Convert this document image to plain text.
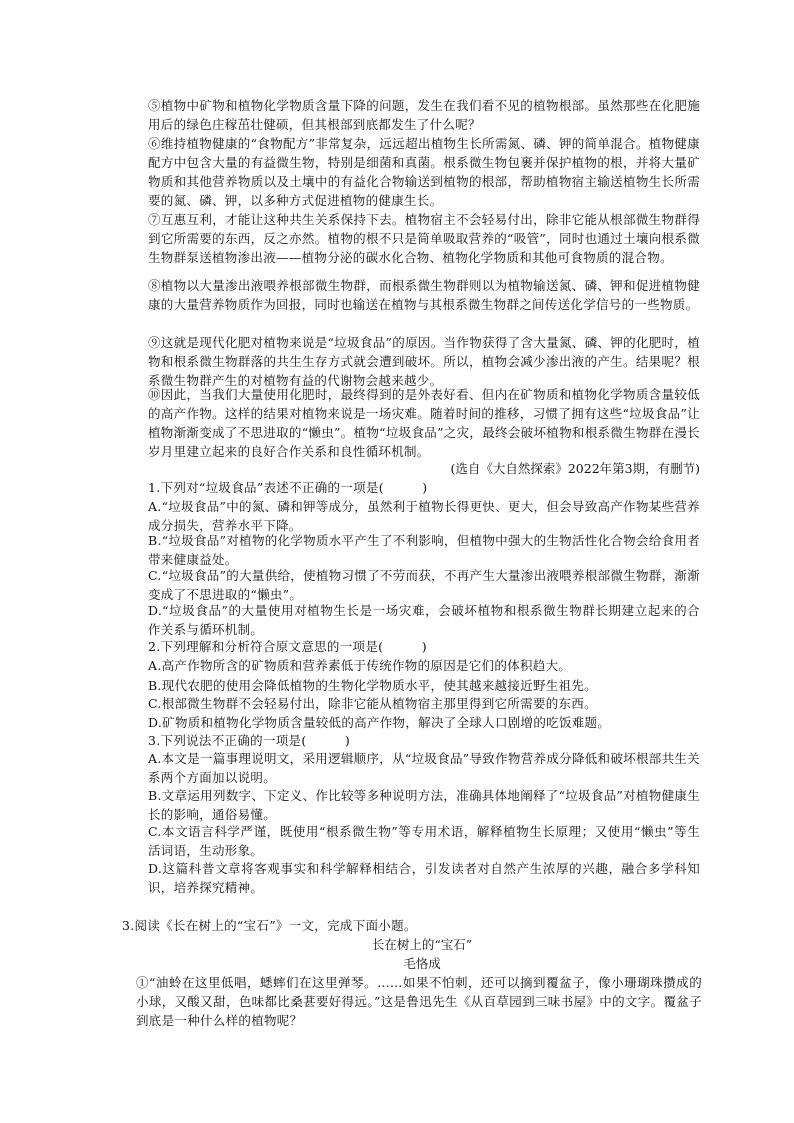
⑤植物中矿物和植物化学物质含量下降的问题，发生在我们看不见的植物根部。虽然那些在化肥施用后的绿色庄稼茁壮健硕，但其根部到底都发生了什么呢？

⑥维持植物健康的“食物配方”非常复杂，远远超出植物生长所需氮、磷、钾的简单混合。植物健康配方中包含大量的有益微生物，特别是细菌和真菌。根系微生物包裹并保护植物的根，并将大量矿物质和其他营养物质以及土壤中的有益化合物输送到植物的根部，帮助植物宿主输送植物生长所需要的氮、磷、钾，以多种方式促进植物的健康生长。

⑦互惠互利，才能让这种共生关系保持下去。植物宿主不会轻易付出，除非它能从根部微生物群得到它所需要的东西，反之亦然。植物的根不只是简单吸取营养的“吸管”，同时也通过土壤向根系微生物群泵送植物渗出液——植物分泌的碳水化合物、植物化学物质和其他可食物质的混合物。

⑧植物以大量渗出液喂养根部微生物群，而根系微生物群则以为植物输送氮、磷、钾和促进植物健康的大量营养物质作为回报，同时也输送在植物与其根系微生物群之间传送化学信号的一些物质。

⑨这就是现代化肥对植物来说是“垃圾食品”的原因。当作物获得了含大量氮、磷、钾的化肥时，植物和根系微生物群落的共生生存方式就会遭到破坏。所以，植物会减少渗出液的产生。结果呢？根系微生物群产生的对植物有益的代谢物会越来越少。

⑩因此，当我们大量使用化肥时，最终得到的是外表好看、但内在矿物质和植物化学物质含量较低的高产作物。这样的结果对植物来说是一场灾难。随着时间的推移，习惯了拥有这些“垃圾食品”让植物渐渐变成了不思进取的“懒虫”。植物“垃圾食品”之灾，最终会破坏植物和根系微生物群在漫长岁月里建立起来的良好合作关系和良性循环机制。

(选自《大自然探索》2022年第3期，有删节)

1.下列对“垃圾食品”表述不正确的一项是(　　　)

A.“垃圾食品”中的氮、磷和钾等成分，虽然利于植物长得更快、更大，但会导致高产作物某些营养成分损失，营养水平下降。

B.“垃圾食品”对植物的化学物质水平产生了不利影响，但植物中强大的生物活性化合物会给食用者带来健康益处。

C.“垃圾食品”的大量供给，使植物习惯了不劳而获，不再产生大量渗出液喂养根部微生物群，渐渐变成了不思进取的“懒虫”。

D.“垃圾食品”的大量使用对植物生长是一场灾难，会破坏植物和根系微生物群长期建立起来的合作关系与循环机制。

2.下列理解和分析符合原文意思的一项是(　　　)

A.高产作物所含的矿物质和营养素低于传统作物的原因是它们的体积趋大。

B.现代农肥的使用会降低植物的生物化学物质水平，使其越来越接近野生祖先。

C.根部微生物群不会轻易付出，除非它能从植物宿主那里得到它所需要的东西。

D.矿物质和植物化学物质含量较低的高产作物，解决了全球人口剧增的吃饭难题。

3.下列说法不正确的一项是(　　　)

A.本文是一篇事理说明文，采用逻辑顺序，从“垃圾食品”导致作物营养成分降低和破坏根部共生关系两个方面加以说明。

B.文章运用列数字、下定义、作比较等多种说明方法，准确具体地阐释了“垃圾食品”对植物健康生长的影响，通俗易懂。

C.本文语言科学严谨，既使用“根系微生物”等专用术语，解释植物生长原理；又使用“懒虫”等生活词语，生动形象。

D.这篇科普文章将客观事实和科学解释相结合，引发读者对自然产生浓厚的兴趣，融合多学科知识，培养探究精神。

3.阅读《长在树上的“宝石”》一文，完成下面小题。

长在树上的“宝石”

毛恪成

①“油蛉在这里低唱，蟋蟀们在这里弹琴。……如果不怕刺，还可以摘到覆盆子，像小珊瑚珠攒成的小球，又酸又甜，色味都比桑葚要好得远。”这是鲁迅先生《从百草园到三味书屋》中的文字。覆盆子到底是一种什么样的植物呢？
